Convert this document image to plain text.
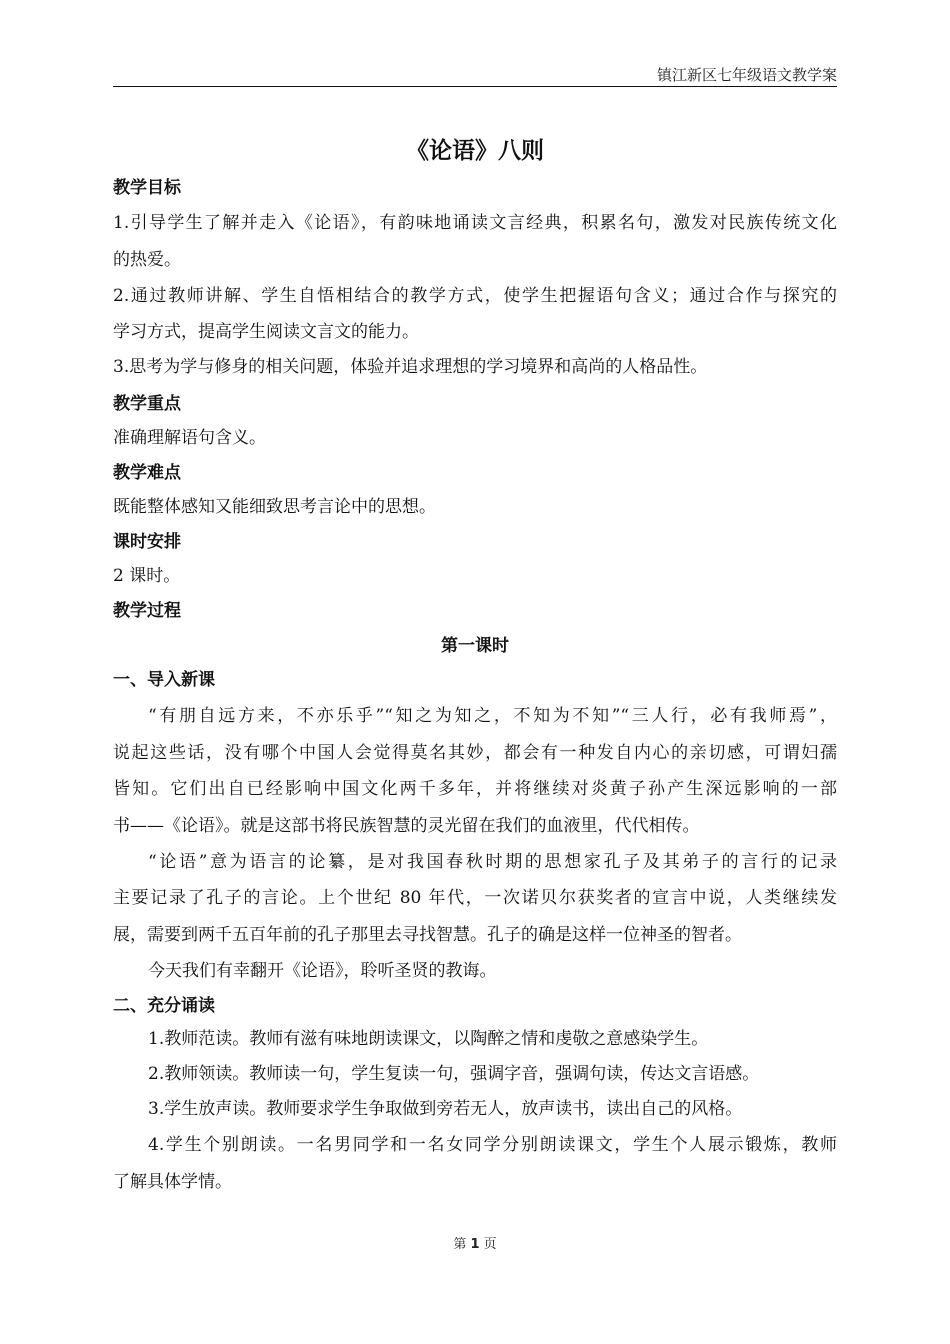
镇江新区七年级语文教学案
《论语》八则

教学目标

1.引导学生了解并走入《论语》，有韵味地诵读文言经典，积累名句，激发对民族传统文化

的热爱。

2.通过教师讲解、学生自悟相结合的教学方式，使学生把握语句含义；通过合作与探究的

学习方式，提高学生阅读文言文的能力。

3.思考为学与修身的相关问题，体验并追求理想的学习境界和高尚的人格品性。

教学重点

准确理解语句含义。

教学难点

既能整体感知又能细致思考言论中的思想。

课时安排

2 课时。

教学过程

第一课时

一、导入新课

“有朋自远方来，不亦乐乎”“知之为知之，不知为不知”“三人行，必有我师焉”，

说起这些话，没有哪个中国人会觉得莫名其妙，都会有一种发自内心的亲切感，可谓妇孺

皆知。它们出自已经影响中国文化两千多年，并将继续对炎黄子孙产生深远影响的一部

书——《论语》。就是这部书将民族智慧的灵光留在我们的血液里，代代相传。

“论语”意为语言的论纂，是对我国春秋时期的思想家孔子及其弟子的言行的记录

主要记录了孔子的言论。上个世纪 80 年代，一次诺贝尔获奖者的宣言中说，人类继续发

展，需要到两千五百年前的孔子那里去寻找智慧。孔子的确是这样一位神圣的智者。

今天我们有幸翻开《论语》，聆听圣贤的教诲。

二、充分诵读

1.教师范读。教师有滋有味地朗读课文，以陶醉之情和虔敬之意感染学生。

2.教师领读。教师读一句，学生复读一句，强调字音，强调句读，传达文言语感。

3.学生放声读。教师要求学生争取做到旁若无人，放声读书，读出自己的风格。

4.学生个别朗读。一名男同学和一名女同学分别朗读课文，学生个人展示锻炼，教师

了解具体学情。

第 1 页
